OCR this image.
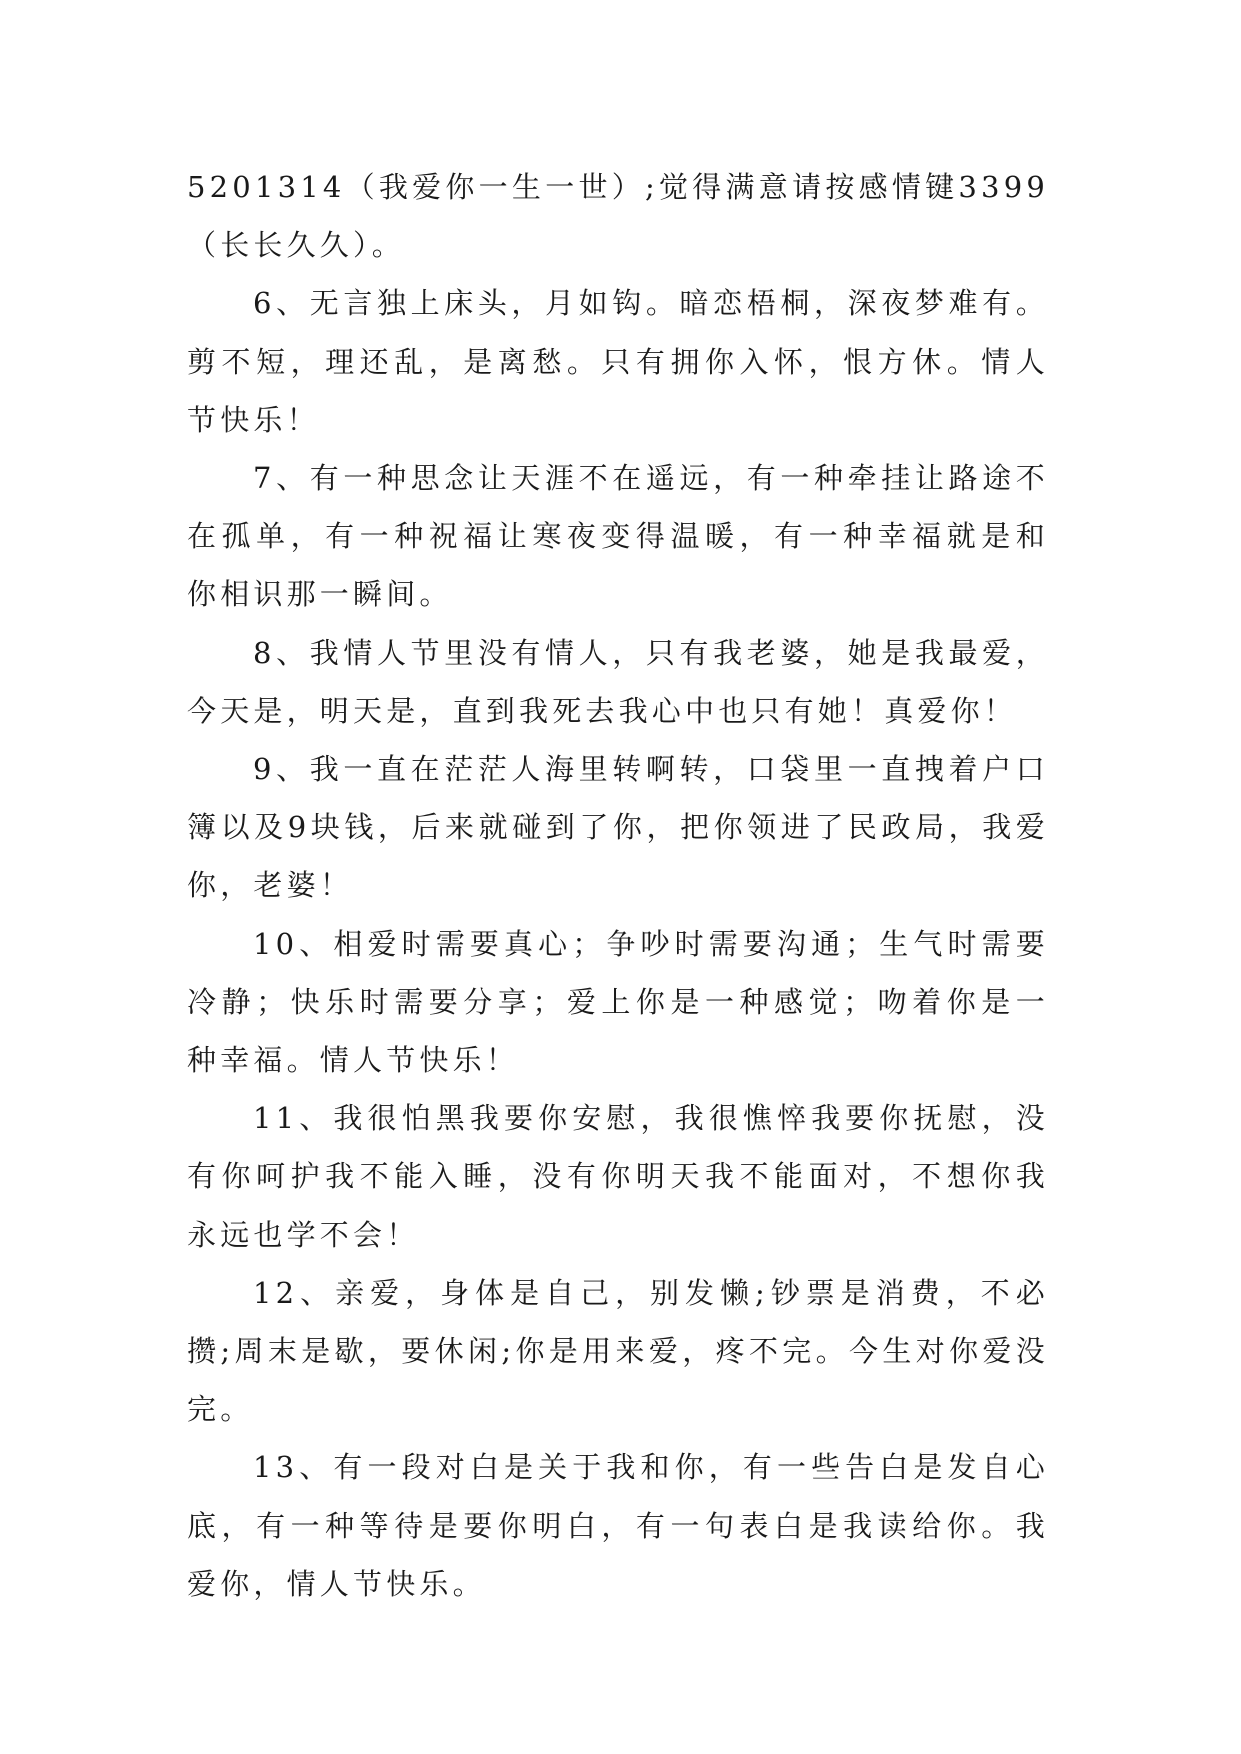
5201314（我爱你一生一世）;觉得满意请按感情键3399（长长久久）。

6、无言独上床头，月如钩。暗恋梧桐，深夜梦难有。剪不短，理还乱，是离愁。只有拥你入怀，恨方休。情人节快乐！

7、有一种思念让天涯不在遥远，有一种牵挂让路途不在孤单，有一种祝福让寒夜变得温暖，有一种幸福就是和你相识那一瞬间。

8、我情人节里没有情人，只有我老婆，她是我最爱，今天是，明天是，直到我死去我心中也只有她！真爱你！

9、我一直在茫茫人海里转啊转，口袋里一直拽着户口簿以及9块钱，后来就碰到了你，把你领进了民政局，我爱你，老婆！

10、相爱时需要真心；争吵时需要沟通；生气时需要冷静；快乐时需要分享；爱上你是一种感觉；吻着你是一种幸福。情人节快乐！

11、我很怕黑我要你安慰，我很憔悴我要你抚慰，没有你呵护我不能入睡，没有你明天我不能面对，不想你我永远也学不会！

12、亲爱，身体是自己，别发懒;钞票是消费，不必攒;周末是歇，要休闲;你是用来爱，疼不完。今生对你爱没完。

13、有一段对白是关于我和你，有一些告白是发自心底，有一种等待是要你明白，有一句表白是我读给你。我爱你，情人节快乐。
